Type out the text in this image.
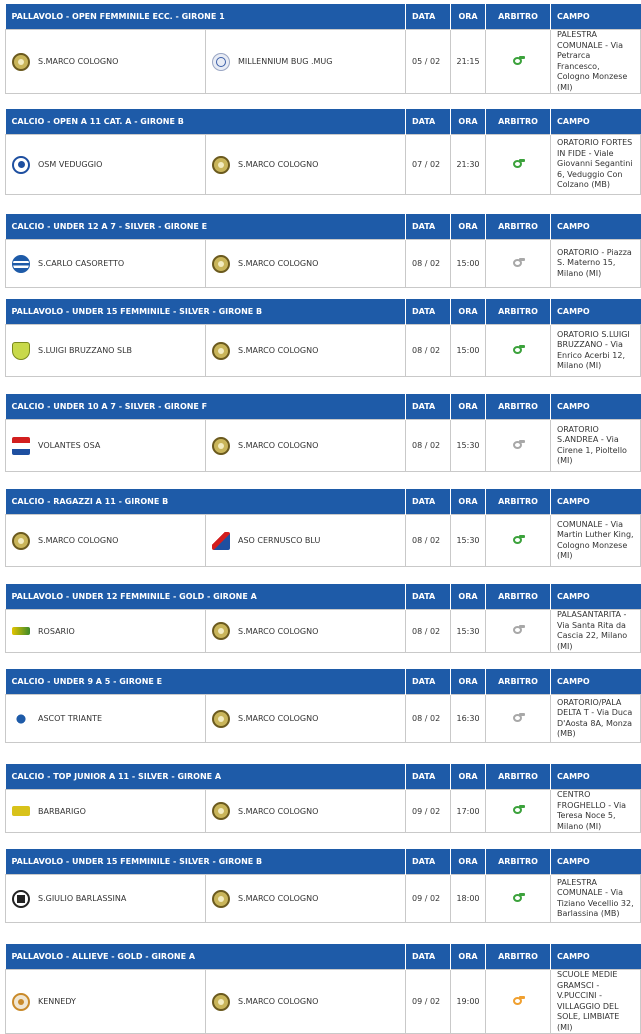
PALLAVOLO - OPEN FEMMINILE ECC. - GIRONE 1		DATA	ORA	ARBITRO	CAMPO

S.MARCO COLOGNO	MILLENNIUM BUG .MUG	05 / 02	21:15		PALESTRA COMUNALE - Via Petrarca Francesco, Cologno Monzese (MI)
CALCIO - OPEN A 11 CAT. A - GIRONE B		DATA	ORA	ARBITRO	CAMPO

OSM VEDUGGIO	S.MARCO COLOGNO	07 / 02	21:30		ORATORIO FORTES IN FIDE - Viale Giovanni Segantini 6, Veduggio Con Colzano (MB)
CALCIO - UNDER 12 A 7 - SILVER - GIRONE E		DATA	ORA	ARBITRO	CAMPO

S.CARLO CASORETTO	S.MARCO COLOGNO	08 / 02	15:00		ORATORIO - Piazza S. Materno 15, Milano (MI)
PALLAVOLO - UNDER 15 FEMMINILE - SILVER - GIRONE B		DATA	ORA	ARBITRO	CAMPO

S.LUIGI BRUZZANO SLB	S.MARCO COLOGNO	08 / 02	15:00		ORATORIO S.LUIGI BRUZZANO - Via Enrico Acerbi 12, Milano (MI)
CALCIO - UNDER 10 A 7 - SILVER - GIRONE F		DATA	ORA	ARBITRO	CAMPO

VOLANTES OSA	S.MARCO COLOGNO	08 / 02	15:30		ORATORIO S.ANDREA - Via Cirene 1, Pioltello (MI)
CALCIO - RAGAZZI A 11 - GIRONE B		DATA	ORA	ARBITRO	CAMPO

S.MARCO COLOGNO	ASO CERNUSCO BLU	08 / 02	15:30		COMUNALE - Via Martin Luther King, Cologno Monzese (MI)
PALLAVOLO - UNDER 12 FEMMINILE - GOLD - GIRONE A		DATA	ORA	ARBITRO	CAMPO

ROSARIO	S.MARCO COLOGNO	08 / 02	15:30		PALASANTARITA - Via Santa Rita da Cascia 22, Milano (MI)
CALCIO - UNDER 9 A 5 - GIRONE E		DATA	ORA	ARBITRO	CAMPO

ASCOT TRIANTE	S.MARCO COLOGNO	08 / 02	16:30		ORATORIO/PALA DELTA T - Via Duca D'Aosta 8A, Monza (MB)
CALCIO - TOP JUNIOR A 11 - SILVER - GIRONE A		DATA	ORA	ARBITRO	CAMPO

BARBARIGO	S.MARCO COLOGNO	09 / 02	17:00		CENTRO FROGHELLO - Via Teresa Noce 5, Milano (MI)
PALLAVOLO - UNDER 15 FEMMINILE - SILVER - GIRONE B		DATA	ORA	ARBITRO	CAMPO

S.GIULIO BARLASSINA	S.MARCO COLOGNO	09 / 02	18:00		PALESTRA COMUNALE - Via Tiziano Vecellio 32, Barlassina (MB)
PALLAVOLO - ALLIEVE - GOLD - GIRONE A		DATA	ORA	ARBITRO	CAMPO

KENNEDY	S.MARCO COLOGNO	09 / 02	19:00		SCUOLE MEDIE GRAMSCI - V.PUCCINI -VILLAGGIO DEL SOLE, LIMBIATE (MI)
